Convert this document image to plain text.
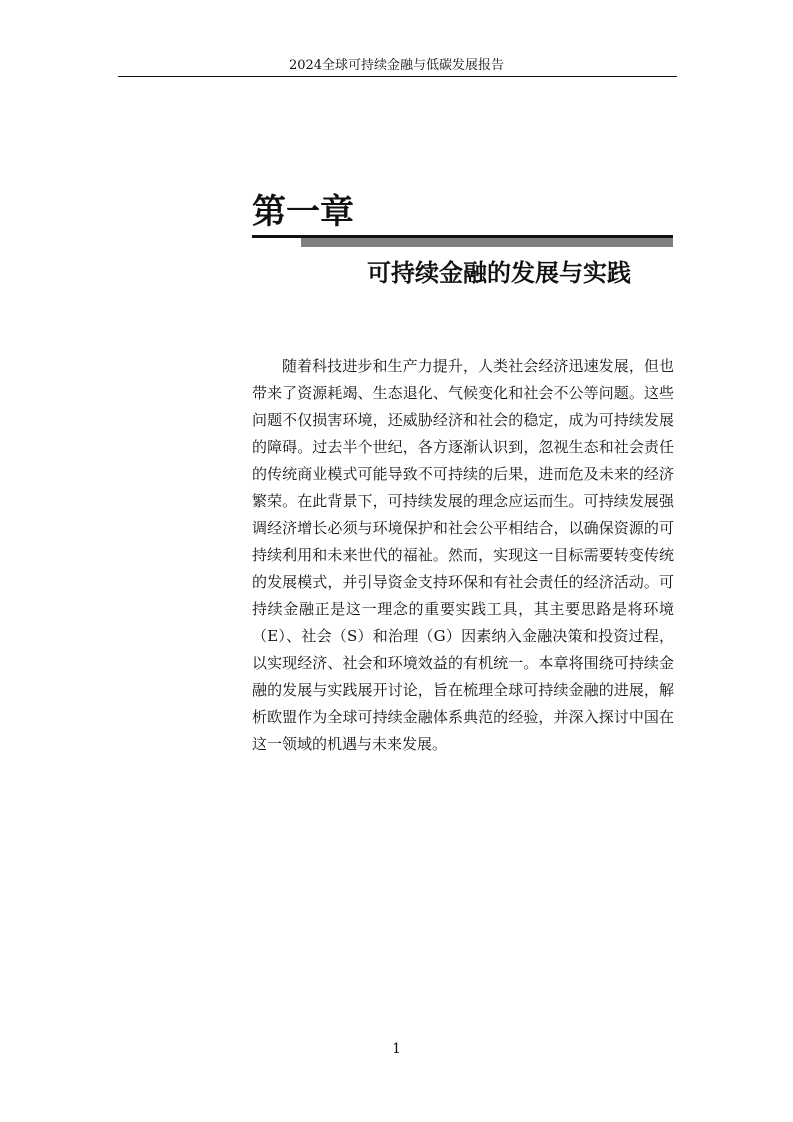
2024全球可持续金融与低碳发展报告
第一章
可持续金融的发展与实践

随着科技进步和生产力提升，人类社会经济迅速发展，但也带来了资源耗竭、生态退化、气候变化和社会不公等问题。这些问题不仅损害环境，还威胁经济和社会的稳定，成为可持续发展的障碍。过去半个世纪，各方逐渐认识到，忽视生态和社会责任的传统商业模式可能导致不可持续的后果，进而危及未来的经济繁荣。在此背景下，可持续发展的理念应运而生。可持续发展强调经济增长必须与环境保护和社会公平相结合，以确保资源的可持续利用和未来世代的福祉。然而，实现这一目标需要转变传统的发展模式，并引导资金支持环保和有社会责任的经济活动。可持续金融正是这一理念的重要实践工具，其主要思路是将环境（E）、社会（S）和治理（G）因素纳入金融决策和投资过程，以实现经济、社会和环境效益的有机统一。本章将围绕可持续金融的发展与实践展开讨论，旨在梳理全球可持续金融的进展，解析欧盟作为全球可持续金融体系典范的经验，并深入探讨中国在这一领域的机遇与未来发展。

1
